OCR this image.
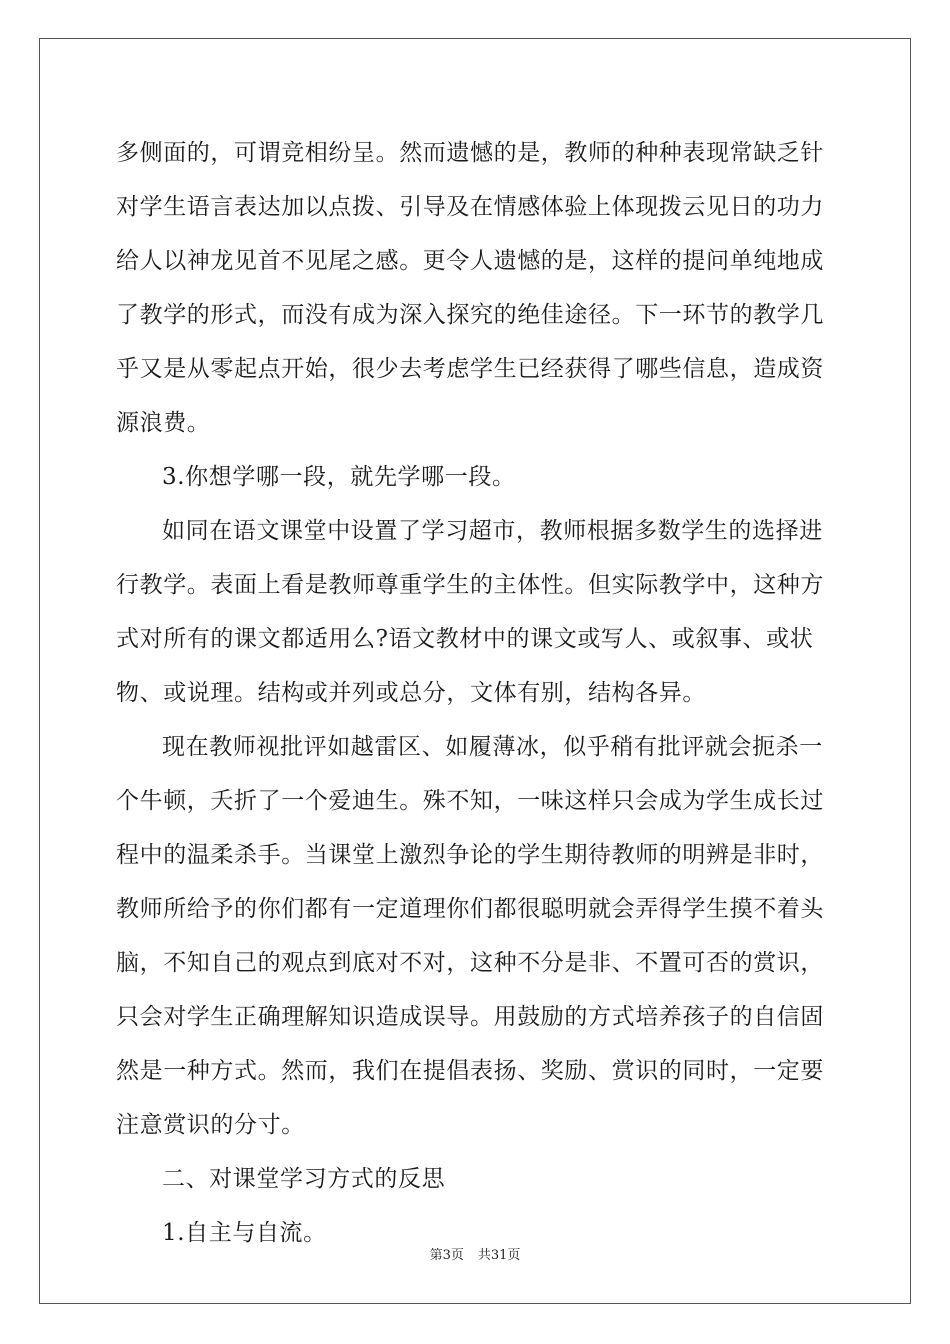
多侧面的，可谓竞相纷呈。然而遗憾的是，教师的种种表现常缺乏针
对学生语言表达加以点拨、引导及在情感体验上体现拨云见日的功力
给人以神龙见首不见尾之感。更令人遗憾的是，这样的提问单纯地成
了教学的形式，而没有成为深入探究的绝佳途径。下一环节的教学几
乎又是从零起点开始，很少去考虑学生已经获得了哪些信息，造成资
源浪费。
3.你想学哪一段，就先学哪一段。
如同在语文课堂中设置了学习超市，教师根据多数学生的选择进
行教学。表面上看是教师尊重学生的主体性。但实际教学中，这种方
式对所有的课文都适用么?语文教材中的课文或写人、或叙事、或状
物、或说理。结构或并列或总分，文体有别，结构各异。
现在教师视批评如越雷区、如履薄冰，似乎稍有批评就会扼杀一
个牛顿，夭折了一个爱迪生。殊不知，一味这样只会成为学生成长过
程中的温柔杀手。当课堂上激烈争论的学生期待教师的明辨是非时，
教师所给予的你们都有一定道理你们都很聪明就会弄得学生摸不着头
脑，不知自己的观点到底对不对，这种不分是非、不置可否的赏识，
只会对学生正确理解知识造成误导。用鼓励的方式培养孩子的自信固
然是一种方式。然而，我们在提倡表扬、奖励、赏识的同时，一定要
注意赏识的分寸。
二、对课堂学习方式的反思
1.自主与自流。
第3页 共31页
